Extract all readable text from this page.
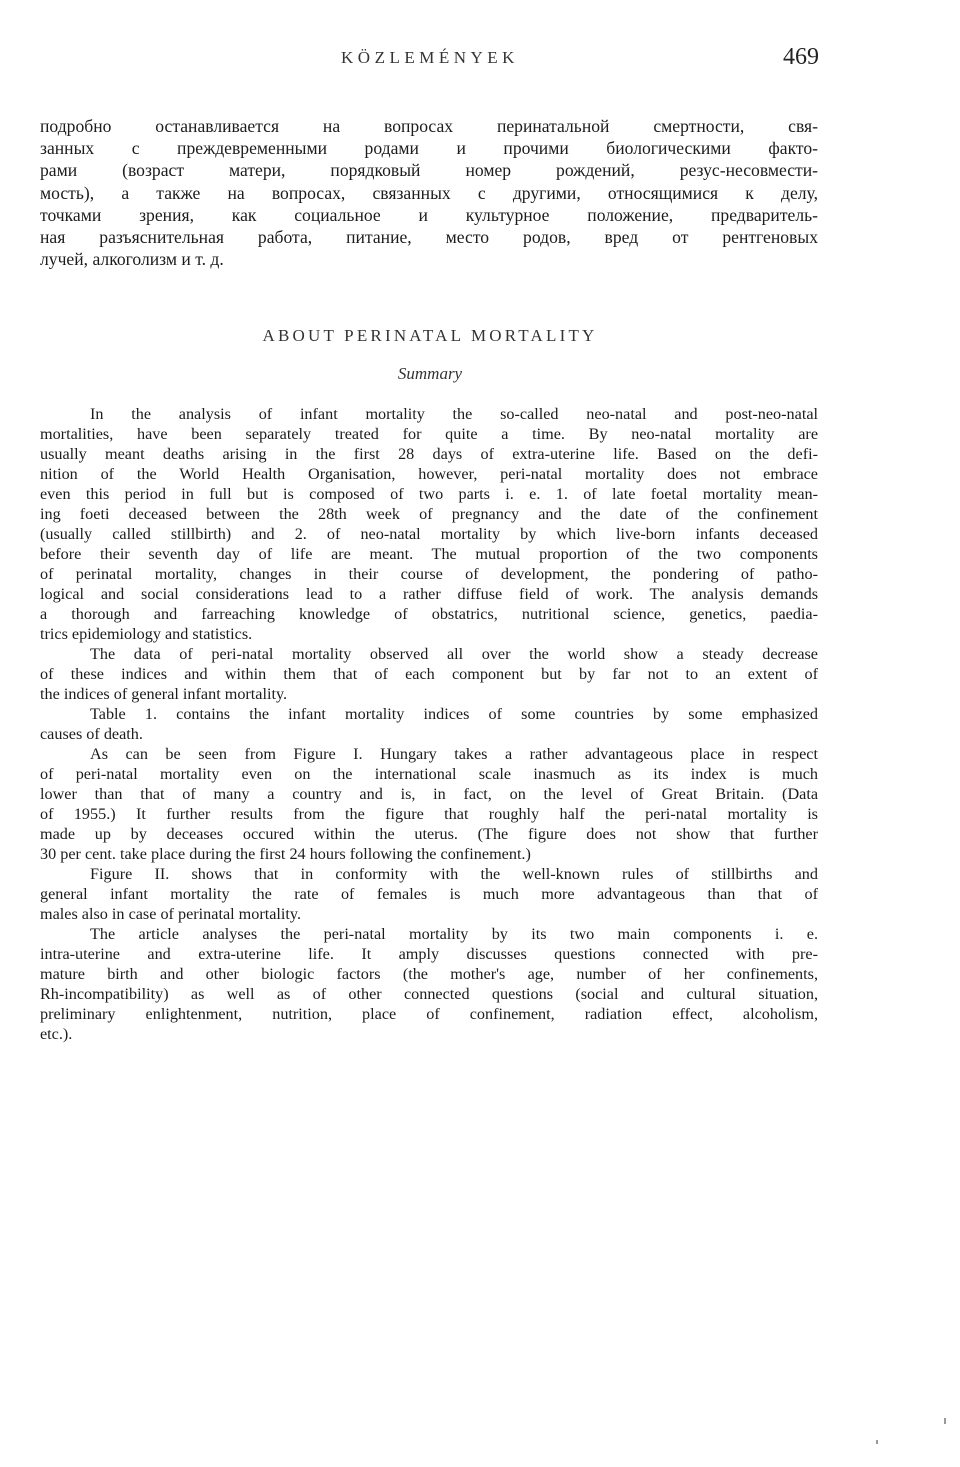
KÖZLEMÉNYEK	469
подробно останавливается на вопросах перинатальной смертности, свя-
занных с преждевременными родами и прочими биологическими факто-
рами (возраст матери, порядковый номер рождений, резус-несовмести-
мость), а также на вопросах, связанных с другими, относящимися к делу,
точками зрения, как социальное и культурное положение, предваритель-
ная разъяснительная работа, питание, место родов, вред от рентгеновых
лучей, алкоголизм и т. д.
ABOUT PERINATAL MORTALITY
Summary
In the analysis of infant mortality the so-called neo-natal and post-neo-natal
mortalities, have been separately treated for quite a time. By neo-natal mortality are
usually meant deaths arising in the first 28 days of extra-uterine life. Based on the defi-
nition of the World Health Organisation, however, peri-natal mortality does not embrace
even this period in full but is composed of two parts i. e. 1. of late foetal mortality mean-
ing foeti deceased between the 28th week of pregnancy and the date of the confinement
(usually called stillbirth) and 2. of neo-natal mortality by which live-born infants deceased
before their seventh day of life are meant. The mutual proportion of the two components
of perinatal mortality, changes in their course of development, the pondering of patho-
logical and social considerations lead to a rather diffuse field of work. The analysis demands
a thorough and farreaching knowledge of obstatrics, nutritional science, genetics, paedia-
trics epidemiology and statistics.
The data of peri-natal mortality observed all over the world show a steady decrease
of these indices and within them that of each component but by far not to an extent of
the indices of general infant mortality.
Table 1. contains the infant mortality indices of some countries by some emphasized
causes of death.
As can be seen from Figure I. Hungary takes a rather advantageous place in respect
of peri-natal mortality even on the international scale inasmuch as its index is much
lower than that of many a country and is, in fact, on the level of Great Britain. (Data
of 1955.) It further results from the figure that roughly half the peri-natal mortality is
made up by deceases occured within the uterus. (The figure does not show that further
30 per cent. take place during the first 24 hours following the confinement.)
Figure II. shows that in conformity with the well-known rules of stillbirths and
general infant mortality the rate of females is much more advantageous than that of
males also in case of perinatal mortality.
The article analyses the peri-natal mortality by its two main components i. e.
intra-uterine and extra-uterine life. It amply discusses questions connected with pre-
mature birth and other biologic factors (the mother's age, number of her confinements,
Rh-incompatibility) as well as of other connected questions (social and cultural situation,
preliminary enlightenment, nutrition, place of confinement, radiation effect, alcoholism,
etc.).
